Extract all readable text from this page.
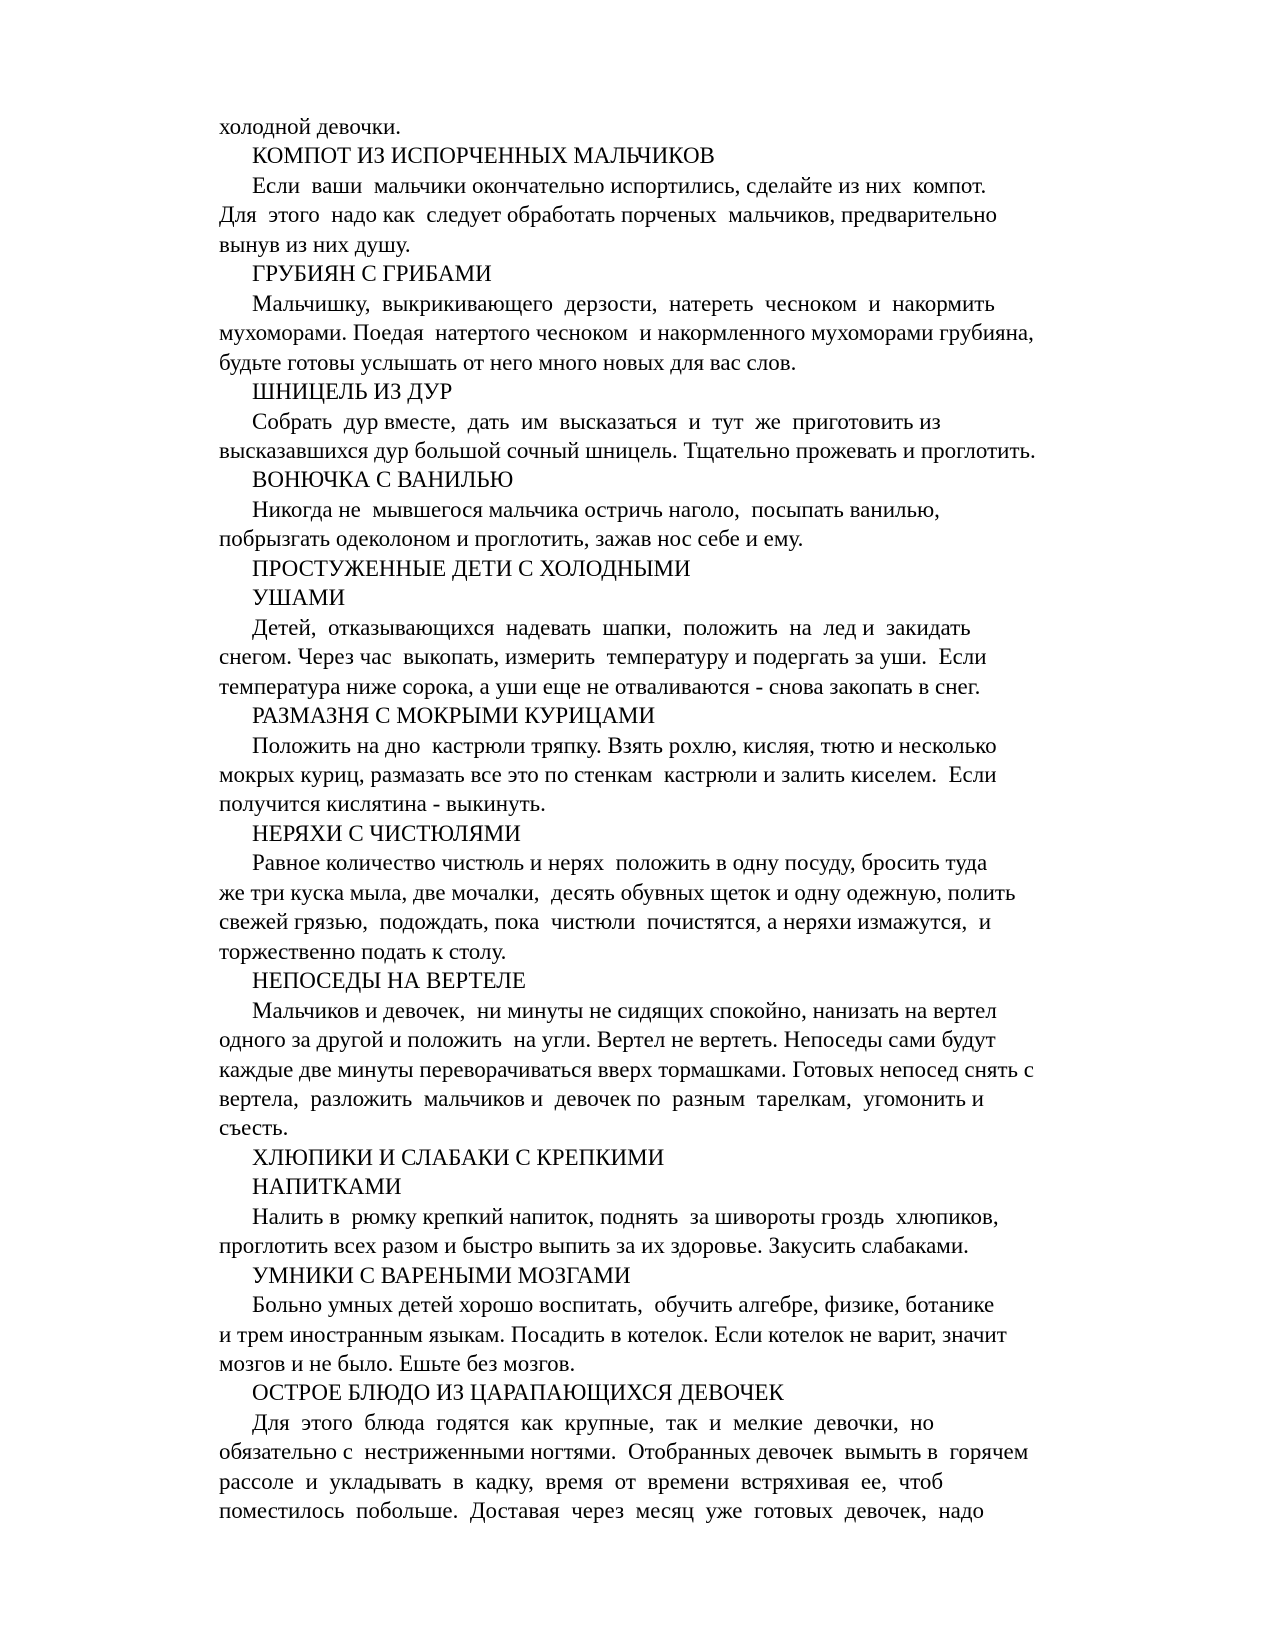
холодной девочки.
КОМПОТ ИЗ ИСПОРЧЕННЫХ МАЛЬЧИКОВ
Если  ваши  мальчики окончательно испортились, сделайте из них  компот.
Для  этого  надо как  следует обработать порченых  мальчиков, предварительно
вынув из них душу.
ГРУБИЯН С ГРИБАМИ
Мальчишку,  выкрикивающего  дерзости,  натереть  чесноком  и  накормить
мухоморами. Поедая  натертого чесноком  и накормленного мухоморами грубияна,
будьте готовы услышать от него много новых для вас слов.
ШНИЦЕЛЬ ИЗ ДУР
Собрать  дур вместе,  дать  им  высказаться  и  тут  же  приготовить из
высказавшихся дур большой сочный шницель. Тщательно прожевать и проглотить.
ВОНЮЧКА С ВАНИЛЬЮ
Никогда не  мывшегося мальчика остричь наголо,  посыпать ванилью,
побрызгать одеколоном и проглотить, зажав нос себе и ему.
ПРОСТУЖЕННЫЕ ДЕТИ С ХОЛОДНЫМИ
УШАМИ
Детей,  отказывающихся  надевать  шапки,  положить  на  лед и  закидать
снегом. Через час  выкопать, измерить  температуру и подергать за уши.  Если
температура ниже сорока, а уши еще не отваливаются - снова закопать в снег.
РАЗМАЗНЯ С МОКРЫМИ КУРИЦАМИ
Положить на дно  кастрюли тряпку. Взять рохлю, кисляя, тютю и несколько
мокрых куриц, размазать все это по стенкам  кастрюли и залить киселем.  Если
получится кислятина - выкинуть.
НЕРЯХИ С ЧИСТЮЛЯМИ
Равное количество чистюль и нерях  положить в одну посуду, бросить туда
же три куска мыла, две мочалки,  десять обувных щеток и одну одежную, полить
свежей грязью,  подождать, пока  чистюли  почистятся, а неряхи измажутся,  и
торжественно подать к столу.
НЕПОСЕДЫ НА ВЕРТЕЛЕ
Мальчиков и девочек,  ни минуты не сидящих спокойно, нанизать на вертел
одного за другой и положить  на угли. Вертел не вертеть. Непоседы сами будут
каждые две минуты переворачиваться вверх тормашками. Готовых непосед снять с
вертела,  разложить  мальчиков и  девочек по  разным  тарелкам,  угомонить и
съесть.
ХЛЮПИКИ И СЛАБАКИ С КРЕПКИМИ
НАПИТКАМИ
Налить в  рюмку крепкий напиток, поднять  за шивороты гроздь  хлюпиков,
проглотить всех разом и быстро выпить за их здоровье. Закусить слабаками.
УМНИКИ С ВАРЕНЫМИ МОЗГАМИ
Больно умных детей хорошо воспитать,  обучить алгебре, физике, ботанике
и трем иностранным языкам. Посадить в котелок. Если котелок не варит, значит
мозгов и не было. Ешьте без мозгов.
ОСТРОЕ БЛЮДО ИЗ ЦАРАПАЮЩИХСЯ ДЕВОЧЕК
Для  этого  блюда  годятся  как  крупные,  так  и  мелкие  девочки,  но
обязательно с  нестриженными ногтями.  Отобранных девочек  вымыть в  горячем
рассоле  и  укладывать  в  кадку,  время  от  времени  встряхивая  ее,  чтоб
поместилось  побольше.  Доставая  через  месяц  уже  готовых  девочек,  надо
